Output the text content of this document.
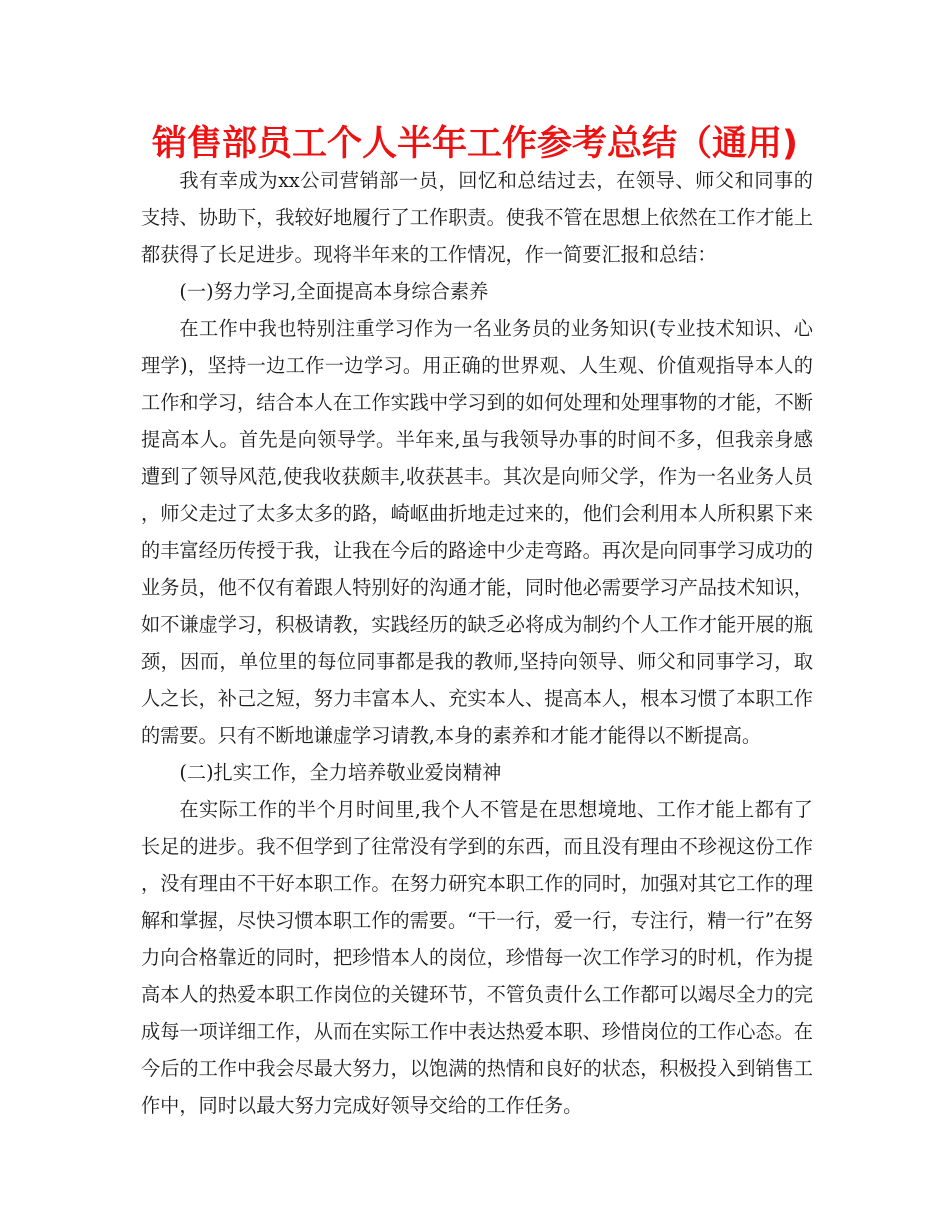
销售部员工个人半年工作参考总结（通用)

我有幸成为xx公司营销部一员，回忆和总结过去，在领导、师父和同事的支持、协助下，我较好地履行了工作职责。使我不管在思想上依然在工作才能上都获得了长足进步。现将半年来的工作情况，作一简要汇报和总结：

(一)努力学习,全面提高本身综合素养

在工作中我也特别注重学习作为一名业务员的业务知识(专业技术知识、心理学)，坚持一边工作一边学习。用正确的世界观、人生观、价值观指导本人的工作和学习，结合本人在工作实践中学习到的如何处理和处理事物的才能，不断提高本人。首先是向领导学。半年来,虽与我领导办事的时间不多，但我亲身感遭到了领导风范,使我收获颇丰,收获甚丰。其次是向师父学，作为一名业务人员，师父走过了太多太多的路，崎岖曲折地走过来的，他们会利用本人所积累下来的丰富经历传授于我，让我在今后的路途中少走弯路。再次是向同事学习成功的业务员，他不仅有着跟人特别好的沟通才能，同时他必需要学习产品技术知识，如不谦虚学习，积极请教，实践经历的缺乏必将成为制约个人工作才能开展的瓶颈，因而，单位里的每位同事都是我的教师,坚持向领导、师父和同事学习，取人之长，补己之短，努力丰富本人、充实本人、提高本人，根本习惯了本职工作的需要。只有不断地谦虚学习请教,本身的素养和才能才能得以不断提高。

(二)扎实工作，全力培养敬业爱岗精神

在实际工作的半个月时间里,我个人不管是在思想境地、工作才能上都有了长足的进步。我不但学到了往常没有学到的东西，而且没有理由不珍视这份工作，没有理由不干好本职工作。在努力研究本职工作的同时，加强对其它工作的理解和掌握，尽快习惯本职工作的需要。“干一行，爱一行，专注行，精一行”在努力向合格靠近的同时，把珍惜本人的岗位，珍惜每一次工作学习的时机，作为提高本人的热爱本职工作岗位的关键环节，不管负责什么工作都可以竭尽全力的完成每一项详细工作，从而在实际工作中表达热爱本职、珍惜岗位的工作心态。在今后的工作中我会尽最大努力，以饱满的热情和良好的状态，积极投入到销售工作中，同时以最大努力完成好领导交给的工作任务。
